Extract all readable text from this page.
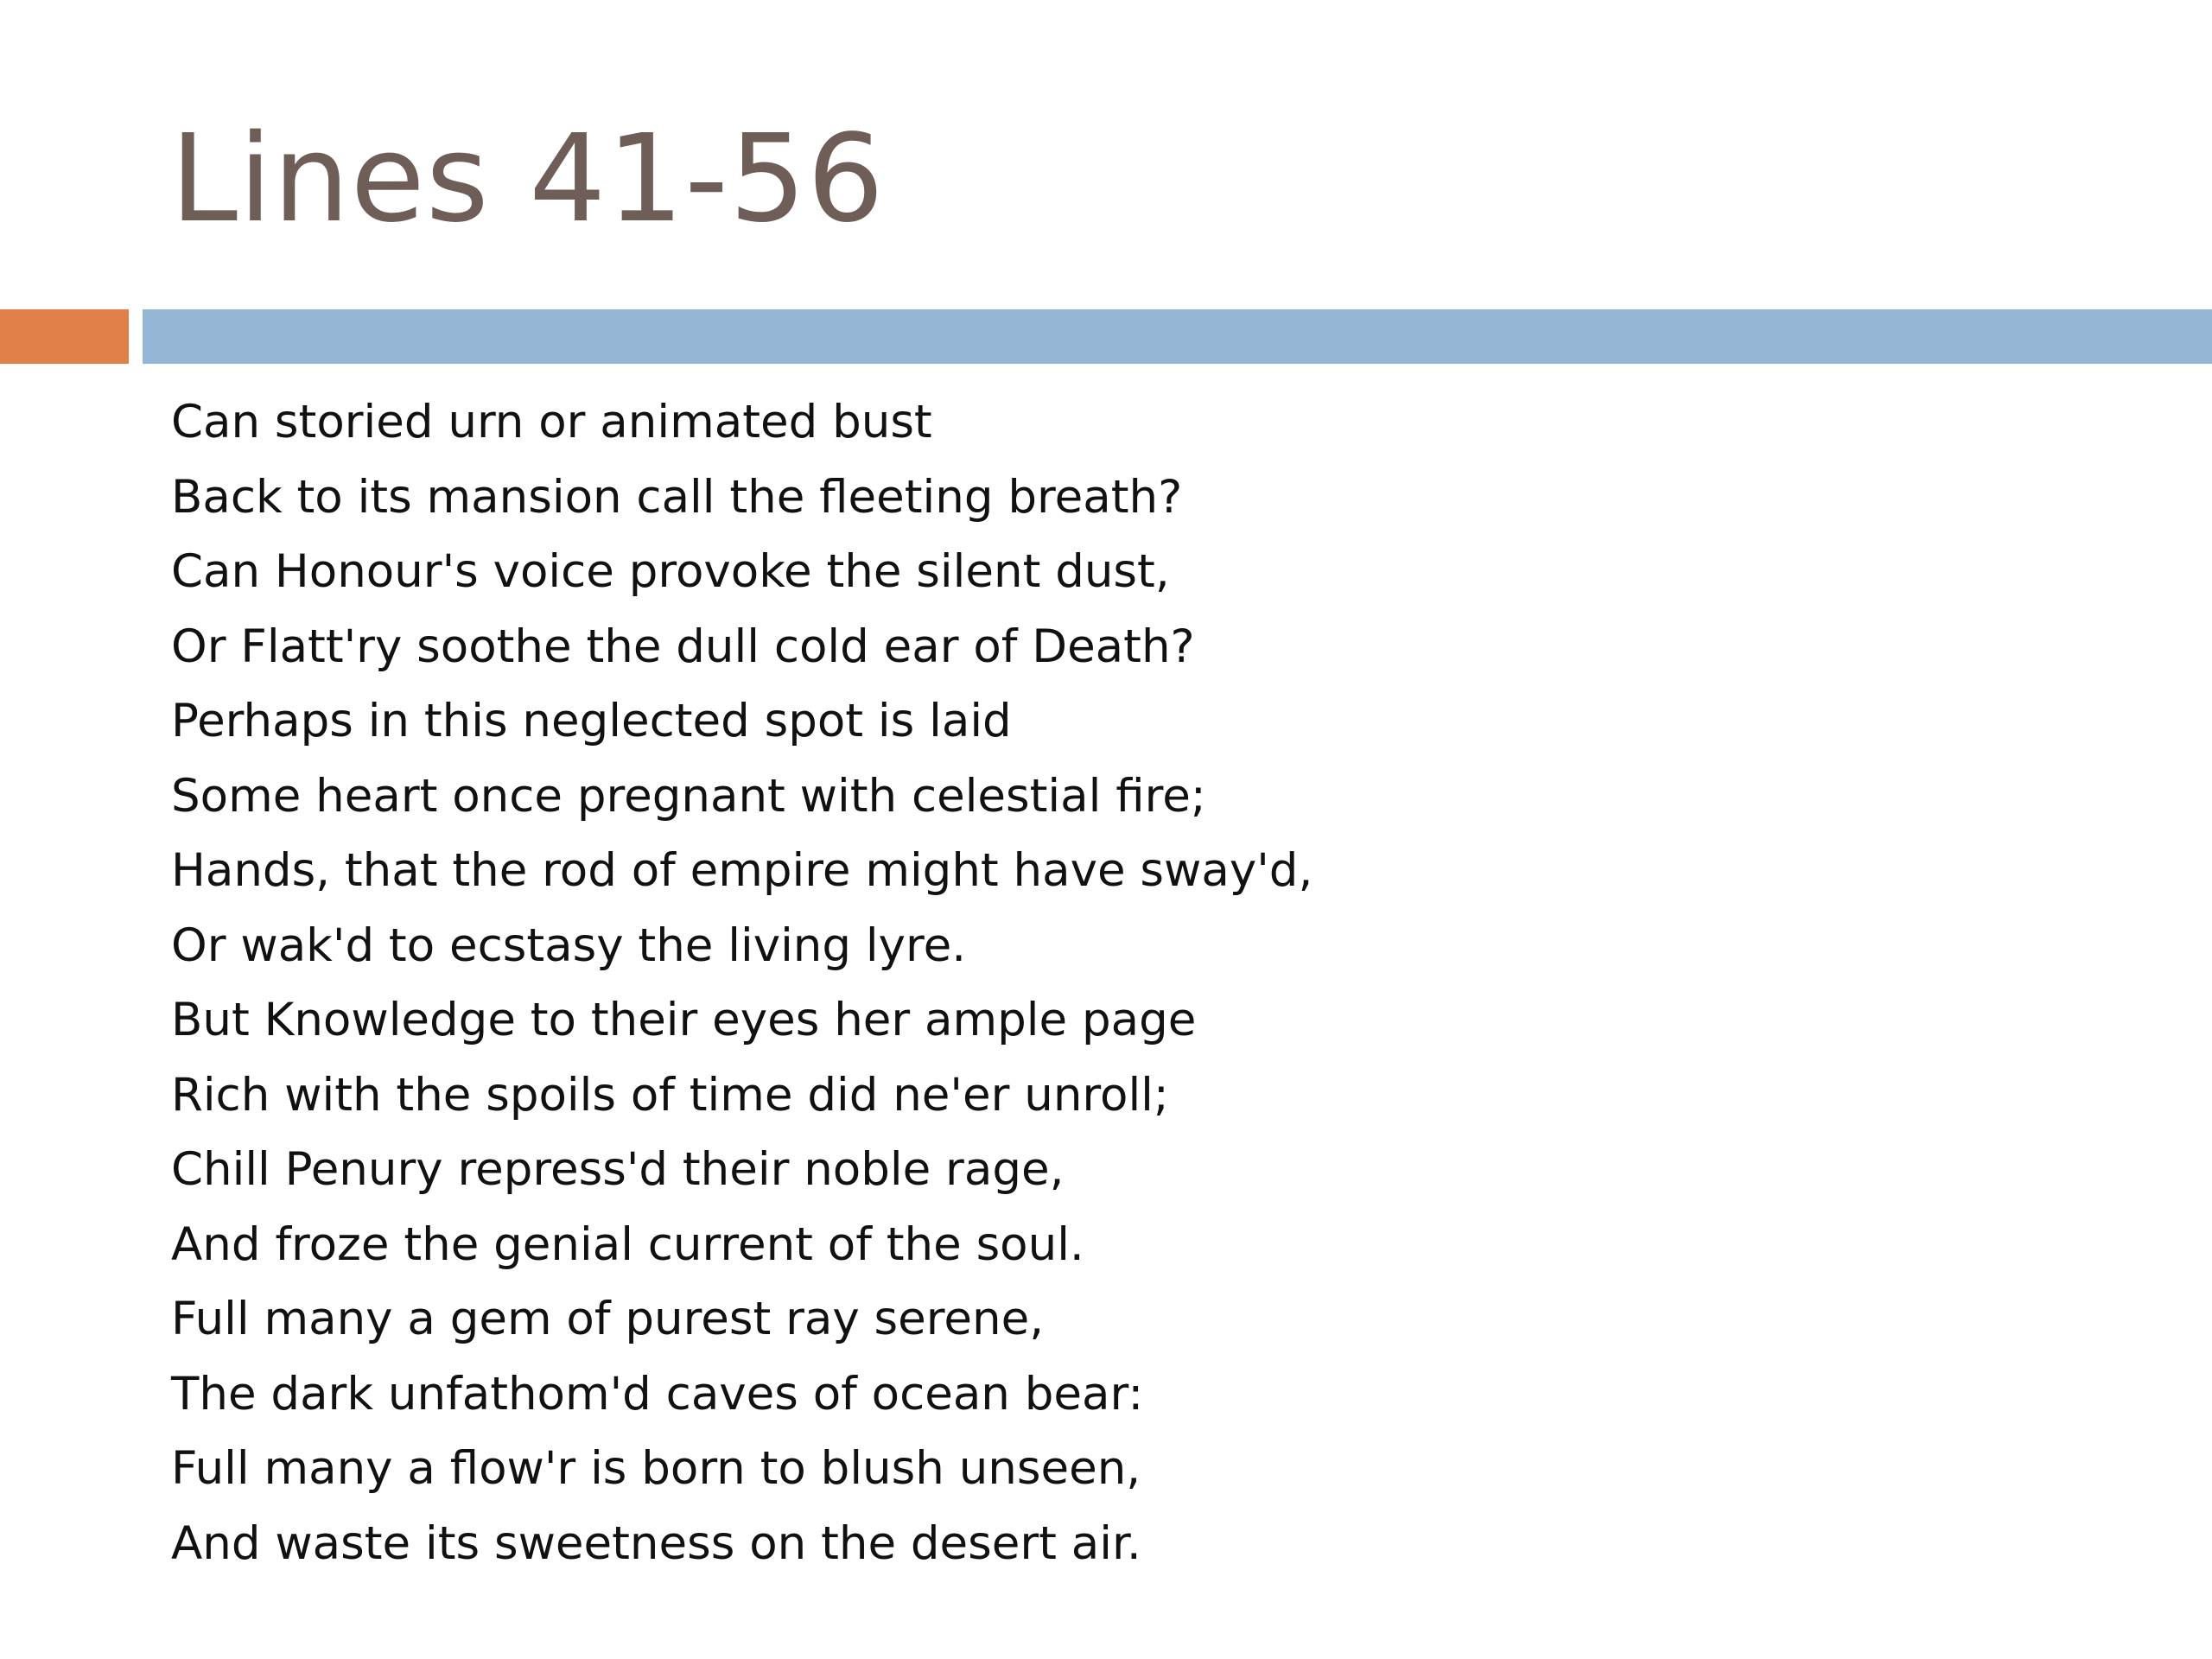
Lines 41-56
Can storied urn or animated bust
Back to its mansion call the fleeting breath?
Can Honour's voice provoke the silent dust,
Or Flatt'ry soothe the dull cold ear of Death?
Perhaps in this neglected spot is laid
Some heart once pregnant with celestial fire;
Hands, that the rod of empire might have sway'd,
Or wak'd to ecstasy the living lyre.
But Knowledge to their eyes her ample page
Rich with the spoils of time did ne'er unroll;
Chill Penury repress'd their noble rage,
And froze the genial current of the soul.
Full many a gem of purest ray serene,
The dark unfathom'd caves of ocean bear:
Full many a flow'r is born to blush unseen,
And waste its sweetness on the desert air.
